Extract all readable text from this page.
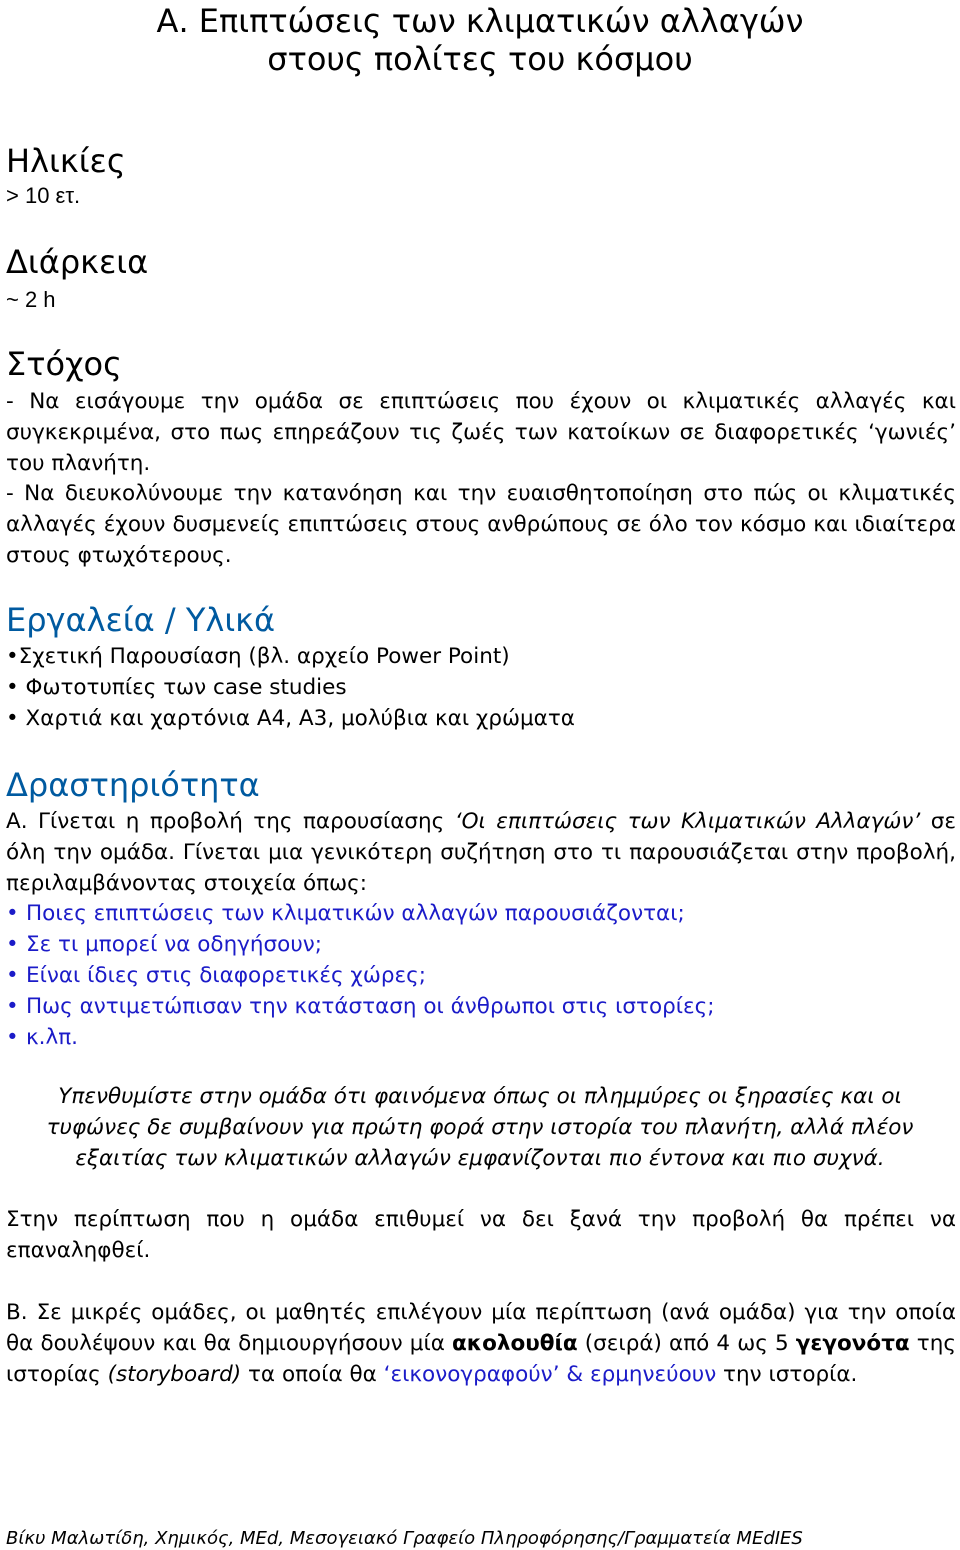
Α. Επιπτώσεις των κλιματικών αλλαγών
στους πολίτες του κόσμου
Ηλικίες
> 10 ετ.
Διάρκεια
~ 2 h
Στόχος
- Να εισάγουμε την ομάδα σε επιπτώσεις που έχουν οι κλιματικές αλλαγές και συγκεκριμένα, στο πως επηρεάζουν τις ζωές των κατοίκων σε διαφορετικές ‘γωνιές’ του πλανήτη.
- Να διευκολύνουμε την κατανόηση και την ευαισθητοποίηση στο πώς οι κλιματικές αλλαγές έχουν δυσμενείς επιπτώσεις στους ανθρώπους σε όλο τον κόσμο και ιδιαίτερα στους φτωχότερους.
Εργαλεία / Υλικά
•Σχετική Παρουσίαση (βλ. αρχείο Power Point)
• Φωτοτυπίες των case studies
• Χαρτιά και χαρτόνια Α4, Α3, μολύβια και χρώματα
Δραστηριότητα
Α. Γίνεται η προβολή της παρουσίασης ‘Οι επιπτώσεις των Κλιματικών Αλλαγών’ σε όλη την ομάδα. Γίνεται μια γενικότερη συζήτηση στο τι παρουσιάζεται στην προβολή, περιλαμβάνοντας στοιχεία όπως:
• Ποιες επιπτώσεις των κλιματικών αλλαγών παρουσιάζονται;
• Σε τι μπορεί να οδηγήσουν;
• Είναι ίδιες στις διαφορετικές χώρες;
• Πως αντιμετώπισαν την κατάσταση οι άνθρωποι στις ιστορίες;
• κ.λπ.
Υπενθυμίστε στην ομάδα ότι φαινόμενα όπως οι πλημμύρες οι ξηρασίες και οι τυφώνες δε συμβαίνουν για πρώτη φορά στην ιστορία του πλανήτη, αλλά πλέον εξαιτίας των κλιματικών αλλαγών εμφανίζονται πιο έντονα και πιο συχνά.
Στην περίπτωση που η ομάδα επιθυμεί να δει ξανά την προβολή θα πρέπει να επαναληφθεί.
Β. Σε μικρές ομάδες, οι μαθητές επιλέγουν μία περίπτωση (ανά ομάδα) για την οποία θα δουλέψουν και θα δημιουργήσουν μία ακολουθία (σειρά) από 4 ως 5 γεγονότα της ιστορίας (storyboard) τα οποία θα ‘εικονογραφούν’ & ερμηνεύουν την ιστορία.
Βίκυ Μαλωτίδη, Χημικός, MEd, Μεσογειακό Γραφείο Πληροφόρησης/Γραμματεία MEdIES
